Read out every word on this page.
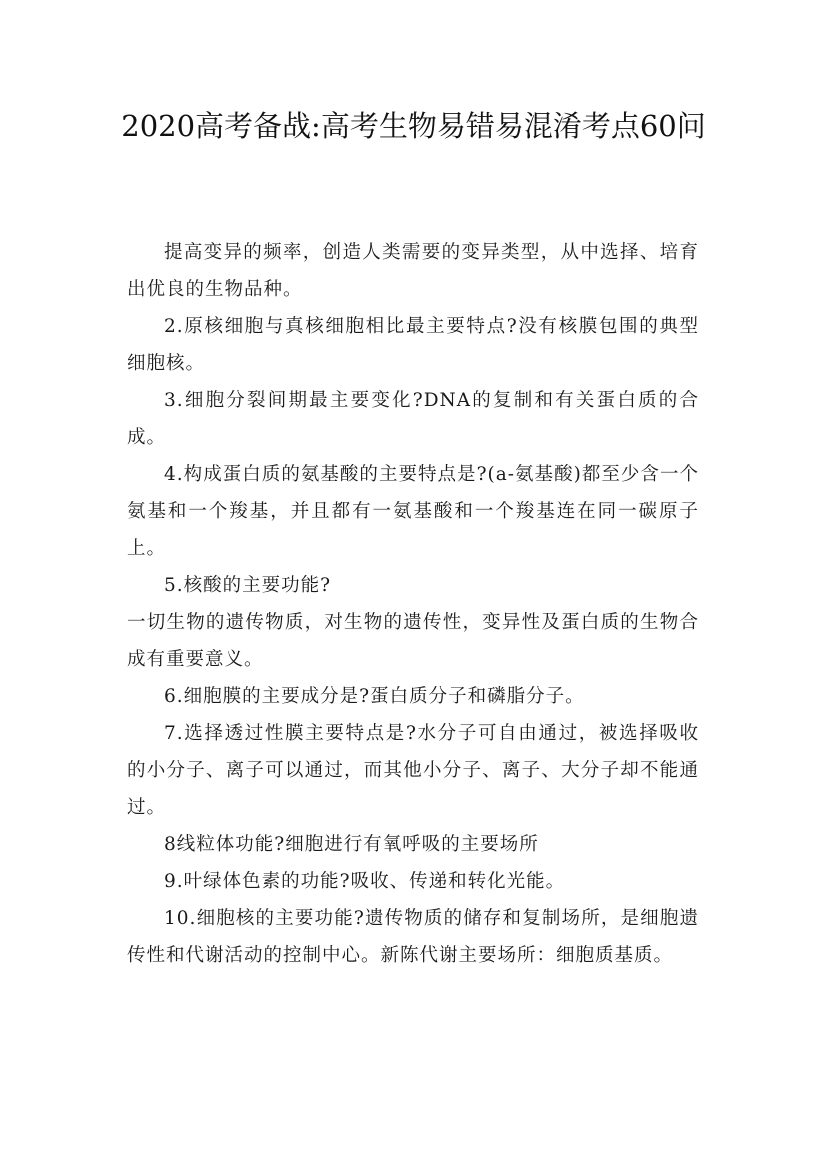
2020高考备战:高考生物易错易混淆考点60问

提高变异的频率，创造人类需要的变异类型，从中选择、培育出优良的生物品种。

2.原核细胞与真核细胞相比最主要特点?没有核膜包围的典型细胞核。

3.细胞分裂间期最主要变化?DNA的复制和有关蛋白质的合成。

4.构成蛋白质的氨基酸的主要特点是?(a-氨基酸)都至少含一个氨基和一个羧基，并且都有一氨基酸和一个羧基连在同一碳原子上。

5.核酸的主要功能?

一切生物的遗传物质，对生物的遗传性，变异性及蛋白质的生物合成有重要意义。

6.细胞膜的主要成分是?蛋白质分子和磷脂分子。

7.选择透过性膜主要特点是?水分子可自由通过，被选择吸收的小分子、离子可以通过，而其他小分子、离子、大分子却不能通过。

8线粒体功能?细胞进行有氧呼吸的主要场所

9.叶绿体色素的功能?吸收、传递和转化光能。

10.细胞核的主要功能?遗传物质的储存和复制场所，是细胞遗传性和代谢活动的控制中心。新陈代谢主要场所：细胞质基质。
